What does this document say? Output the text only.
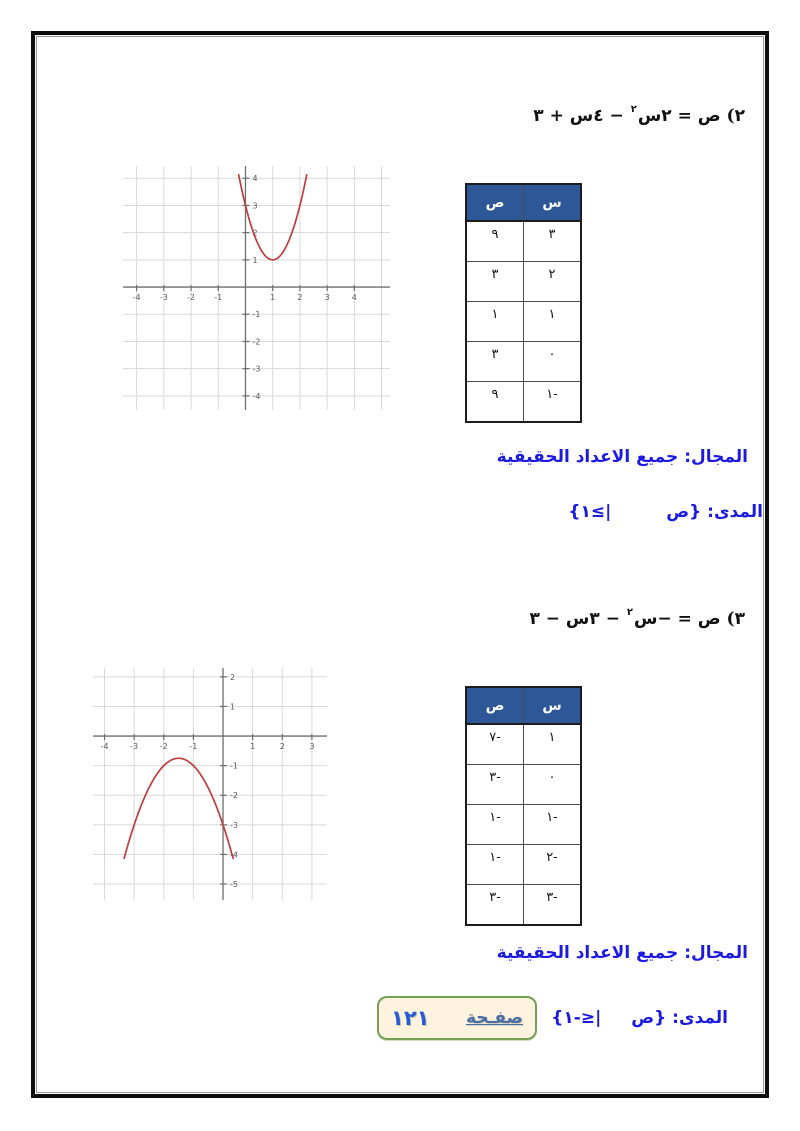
٢) ص = ٢س$^٢$ − ٤س + ٣
س	ص
٣	٩
٢	٣
١	١
٠	٣
-١	٩
-4 -3 -2 -1	1	2	3	4
-4
-3
-2
-1
1
2
3
4
المجال: جميع الاعداد الحقيقية
المدى: {ص|≥١}
٣) ص = −س$^٢$ − ٣س − ٣
س	ص
١	-٧
٠	-٣
-١	-١
-٢	-١
-٣	-٣
-4	-3	-2	-1	1	2	3
2
1
-1
-2
-3
-4
-5
المجال: جميع الاعداد الحقيقية
المدى: {ص|≤-١}
صفـحة
١٢١
